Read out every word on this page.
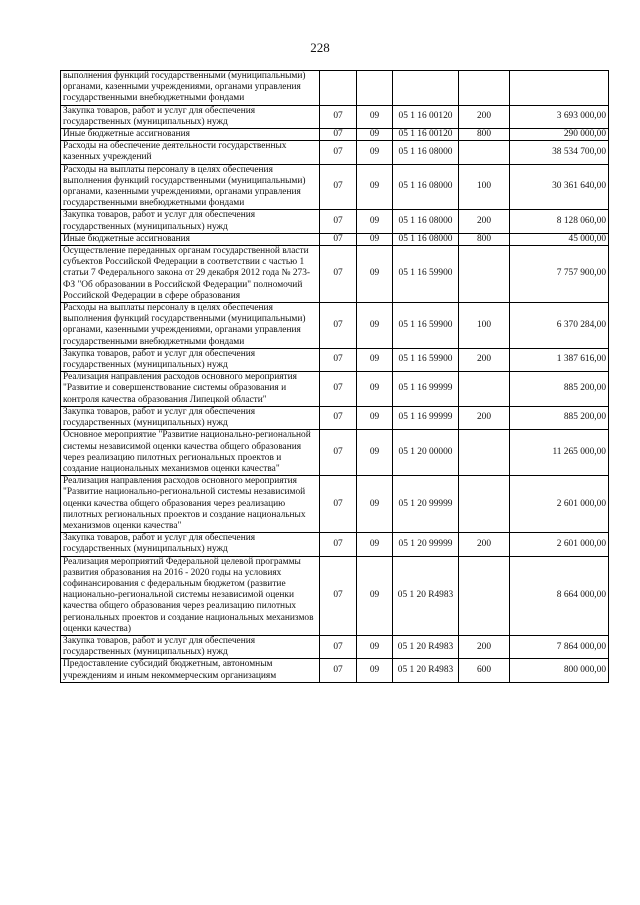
228
выполнения функций государственными (муниципальными) органами, казенными учреждениями, органами управления государственными внебюджетными фондами					
Закупка товаров, работ и услуг для обеспечения государственных (муниципальных) нужд	07	09	05 1 16 00120	200	3 693 000,00
Иные бюджетные ассигнования	07	09	05 1 16 00120	800	290 000,00
Расходы на обеспечение деятельности государственных казенных учреждений	07	09	05 1 16 08000		38 534 700,00
Расходы на выплаты персоналу в целях обеспечения выполнения функций государственными (муниципальными) органами, казенными учреждениями, органами управления государственными внебюджетными фондами	07	09	05 1 16 08000	100	30 361 640,00
Закупка товаров, работ и услуг для обеспечения государственных (муниципальных) нужд	07	09	05 1 16 08000	200	8 128 060,00
Иные бюджетные ассигнования	07	09	05 1 16 08000	800	45 000,00
Осуществление переданных органам государственной власти субъектов Российской Федерации в соответствии с частью 1 статьи 7 Федерального закона от 29 декабря 2012 года № 273-ФЗ "Об образовании в Российской Федерации" полномочий Российской Федерации в сфере образования	07	09	05 1 16 59900		7 757 900,00
Расходы на выплаты персоналу в целях обеспечения выполнения функций государственными (муниципальными) органами, казенными учреждениями, органами управления государственными внебюджетными фондами	07	09	05 1 16 59900	100	6 370 284,00
Закупка товаров, работ и услуг для обеспечения государственных (муниципальных) нужд	07	09	05 1 16 59900	200	1 387 616,00
Реализация направления расходов основного мероприятия "Развитие и совершенствование системы образования и контроля качества образования Липецкой области"	07	09	05 1 16 99999		885 200,00
Закупка товаров, работ и услуг для обеспечения государственных (муниципальных) нужд	07	09	05 1 16 99999	200	885 200,00
Основное мероприятие "Развитие национально-региональной системы независимой оценки качества общего образования через реализацию пилотных региональных проектов и создание национальных механизмов оценки качества"	07	09	05 1 20 00000		11 265 000,00
Реализация направления расходов основного мероприятия "Развитие национально-региональной системы независимой оценки качества общего образования через реализацию пилотных региональных проектов и создание национальных механизмов оценки качества"	07	09	05 1 20 99999		2 601 000,00
Закупка товаров, работ и услуг для обеспечения государственных (муниципальных) нужд	07	09	05 1 20 99999	200	2 601 000,00
Реализация мероприятий Федеральной целевой программы развития образования на 2016 - 2020 годы на условиях софинансирования с федеральным бюджетом (развитие национально-региональной системы независимой оценки качества общего образования через реализацию пилотных региональных проектов и создание национальных механизмов оценки качества)	07	09	05 1 20 R4983		8 664 000,00
Закупка товаров, работ и услуг для обеспечения государственных (муниципальных) нужд	07	09	05 1 20 R4983	200	7 864 000,00
Предоставление субсидий бюджетным, автономным учреждениям и иным некоммерческим организациям	07	09	05 1 20 R4983	600	800 000,00
